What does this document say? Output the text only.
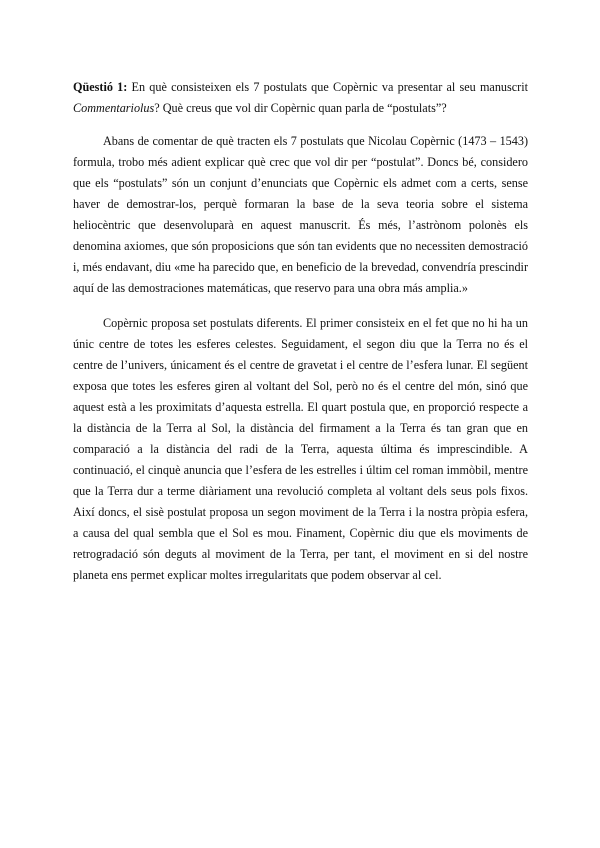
Qüestió 1: En què consisteixen els 7 postulats que Copèrnic va presentar al seu manuscrit Commentariolus? Què creus que vol dir Copèrnic quan parla de “postulats”?

Abans de comentar de què tracten els 7 postulats que Nicolau Copèrnic (1473 – 1543) formula, trobo més adient explicar què crec que vol dir per “postulat”. Doncs bé, considero que els “postulats” són un conjunt d’enunciats que Copèrnic els admet com a certs, sense haver de demostrar-los, perquè formaran la base de la seva teoria sobre el sistema heliocèntric que desenvoluparà en aquest manuscrit. És més, l’astrònom polonès els denomina axiomes, que són proposicions que són tan evidents que no necessiten demostració i, més endavant, diu «me ha parecido que, en beneficio de la brevedad, convendría prescindir aquí de las demostraciones matemáticas, que reservo para una obra más amplia.»

Copèrnic proposa set postulats diferents. El primer consisteix en el fet que no hi ha un únic centre de totes les esferes celestes. Seguidament, el segon diu que la Terra no és el centre de l’univers, únicament és el centre de gravetat i el centre de l’esfera lunar. El següent exposa que totes les esferes giren al voltant del Sol, però no és el centre del món, sinó que aquest està a les proximitats d’aquesta estrella. El quart postula que, en proporció respecte a la distància de la Terra al Sol, la distància del firmament a la Terra és tan gran que en comparació a la distància del radi de la Terra, aquesta última és imprescindible. A continuació, el cinquè anuncia que l’esfera de les estrelles i últim cel roman immòbil, mentre que la Terra dur a terme diàriament una revolució completa al voltant dels seus pols fixos. Així doncs, el sisè postulat proposa un segon moviment de la Terra i la nostra pròpia esfera, a causa del qual sembla que el Sol es mou. Finament, Copèrnic diu que els moviments de retrogradació són deguts al moviment de la Terra, per tant, el moviment en si del nostre planeta ens permet explicar moltes irregularitats que podem observar al cel.
